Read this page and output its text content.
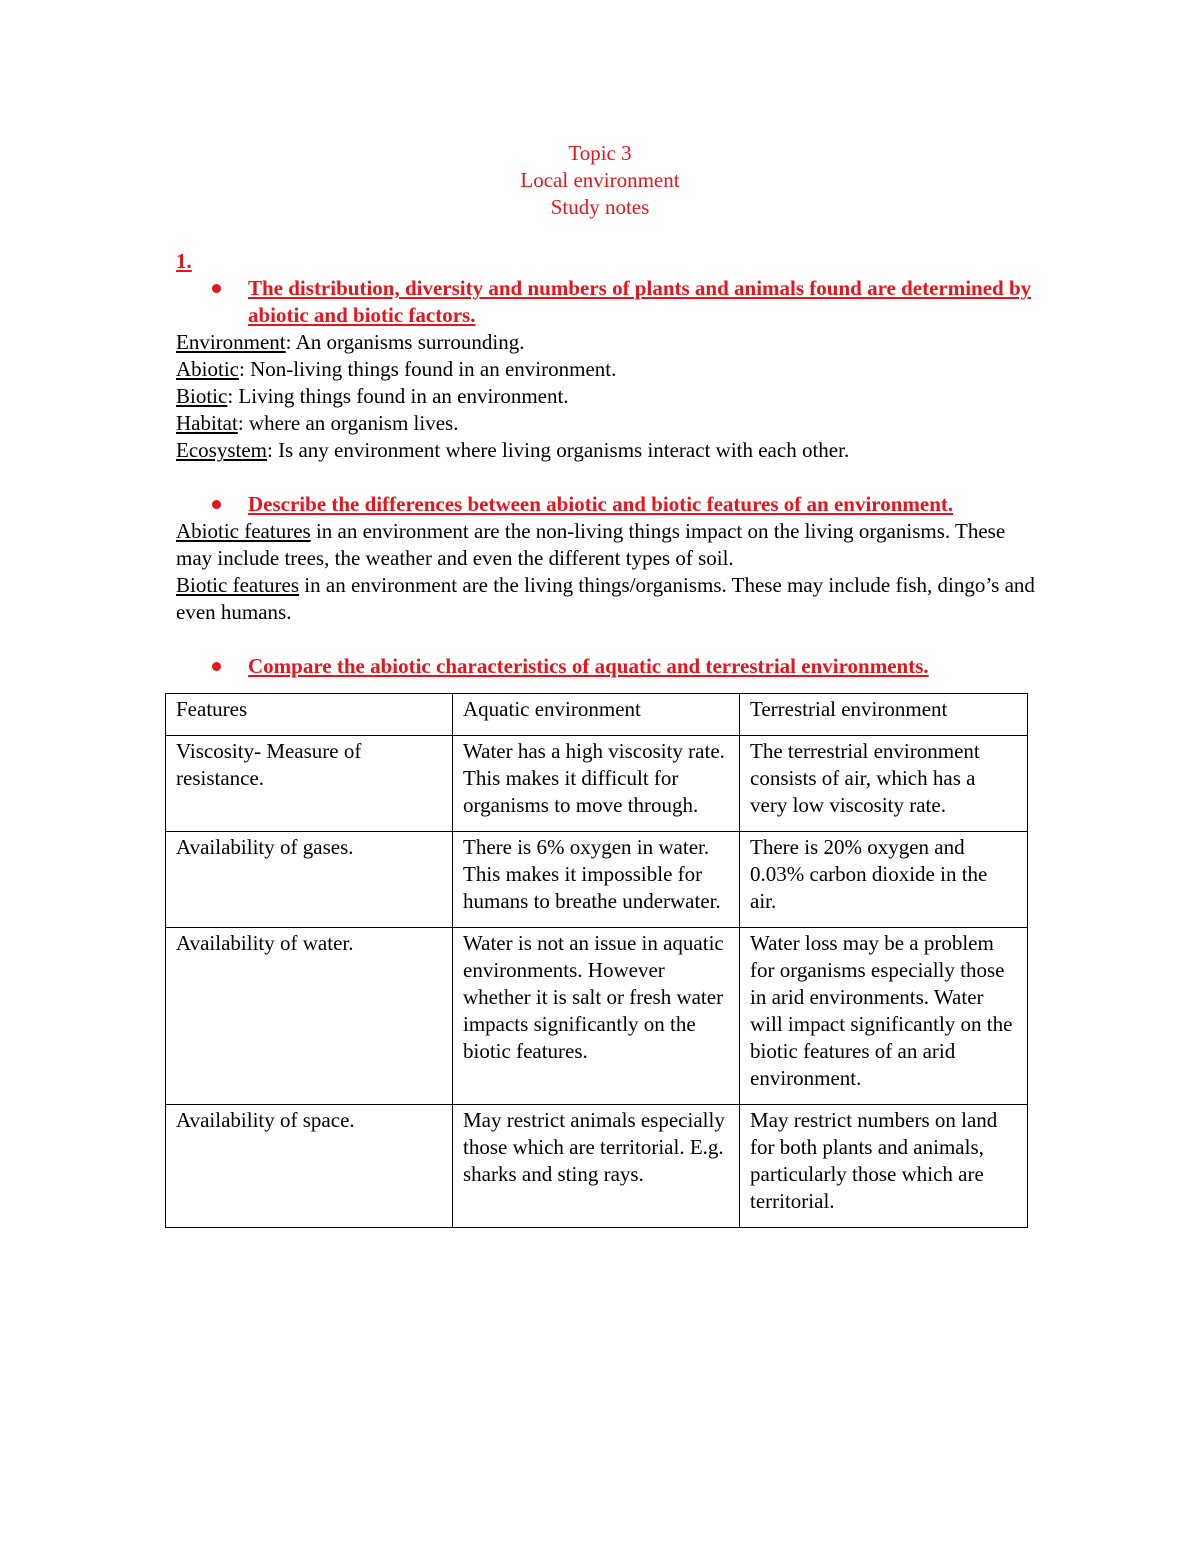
Topic 3
Local environment
Study notes
1.
The distribution, diversity and numbers of plants and animals found are determined by abiotic and biotic factors.
Environment: An organisms surrounding.
Abiotic: Non-living things found in an environment.
Biotic: Living things found in an environment.
Habitat: where an organism lives.
Ecosystem: Is any environment where living organisms interact with each other.
Describe the differences between abiotic and biotic features of an environment.
Abiotic features in an environment are the non-living things impact on the living organisms. These may include trees, the weather and even the different types of soil.
Biotic features in an environment are the living things/organisms. These may include fish, dingo’s and even humans.
Compare the abiotic characteristics of aquatic and terrestrial environments.
Features	Aquatic environment	Terrestrial environment
Viscosity- Measure of resistance.	Water has a high viscosity rate. This makes it difficult for organisms to move through.	The terrestrial environment consists of air, which has a very low viscosity rate.
Availability of gases.	There is 6% oxygen in water. This makes it impossible for humans to breathe underwater.	There is 20% oxygen and 0.03% carbon dioxide in the air.
Availability of water.	Water is not an issue in aquatic environments. However whether it is salt or fresh water impacts significantly on the biotic features.	Water loss may be a problem for organisms especially those in arid environments. Water will impact significantly on the biotic features of an arid environment.
Availability of space.	May restrict animals especially those which are territorial. E.g. sharks and sting rays.	May restrict numbers on land for both plants and animals, particularly those which are territorial.
